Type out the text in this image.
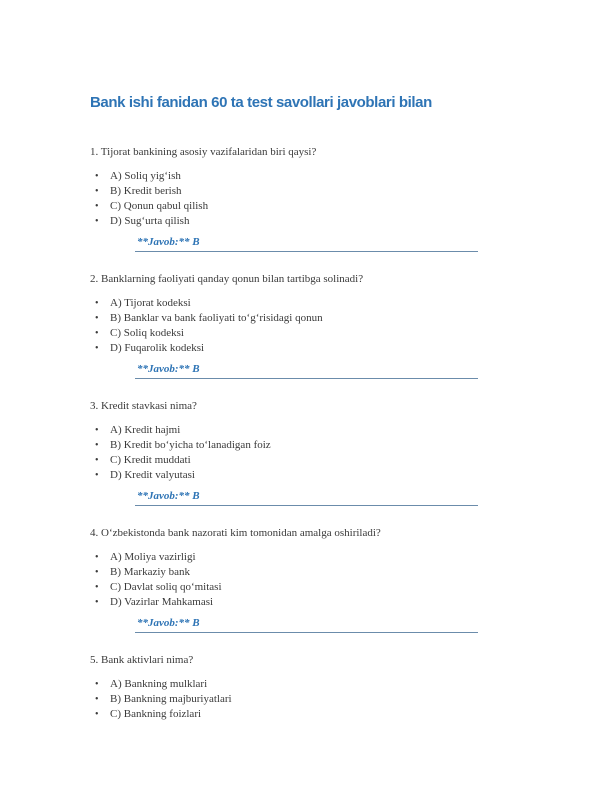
Bank ishi fanidan 60 ta test savollari javoblari bilan

1. Tijorat bankining asosiy vazifalaridan biri qaysi?

• A) Soliq yig‘ish
• B) Kredit berish
• C) Qonun qabul qilish
• D) Sug‘urta qilish
**Javob:** B

2. Banklarning faoliyati qanday qonun bilan tartibga solinadi?

• A) Tijorat kodeksi
• B) Banklar va bank faoliyati to‘g‘risidagi qonun
• C) Soliq kodeksi
• D) Fuqarolik kodeksi
**Javob:** B

3. Kredit stavkasi nima?

• A) Kredit hajmi
• B) Kredit bo‘yicha to‘lanadigan foiz
• C) Kredit muddati
• D) Kredit valyutasi
**Javob:** B

4. O‘zbekistonda bank nazorati kim tomonidan amalga oshiriladi?

• A) Moliya vazirligi
• B) Markaziy bank
• C) Davlat soliq qo‘mitasi
• D) Vazirlar Mahkamasi
**Javob:** B

5. Bank aktivlari nima?

• A) Bankning mulklari
• B) Bankning majburiyatlari
• C) Bankning foizlari
